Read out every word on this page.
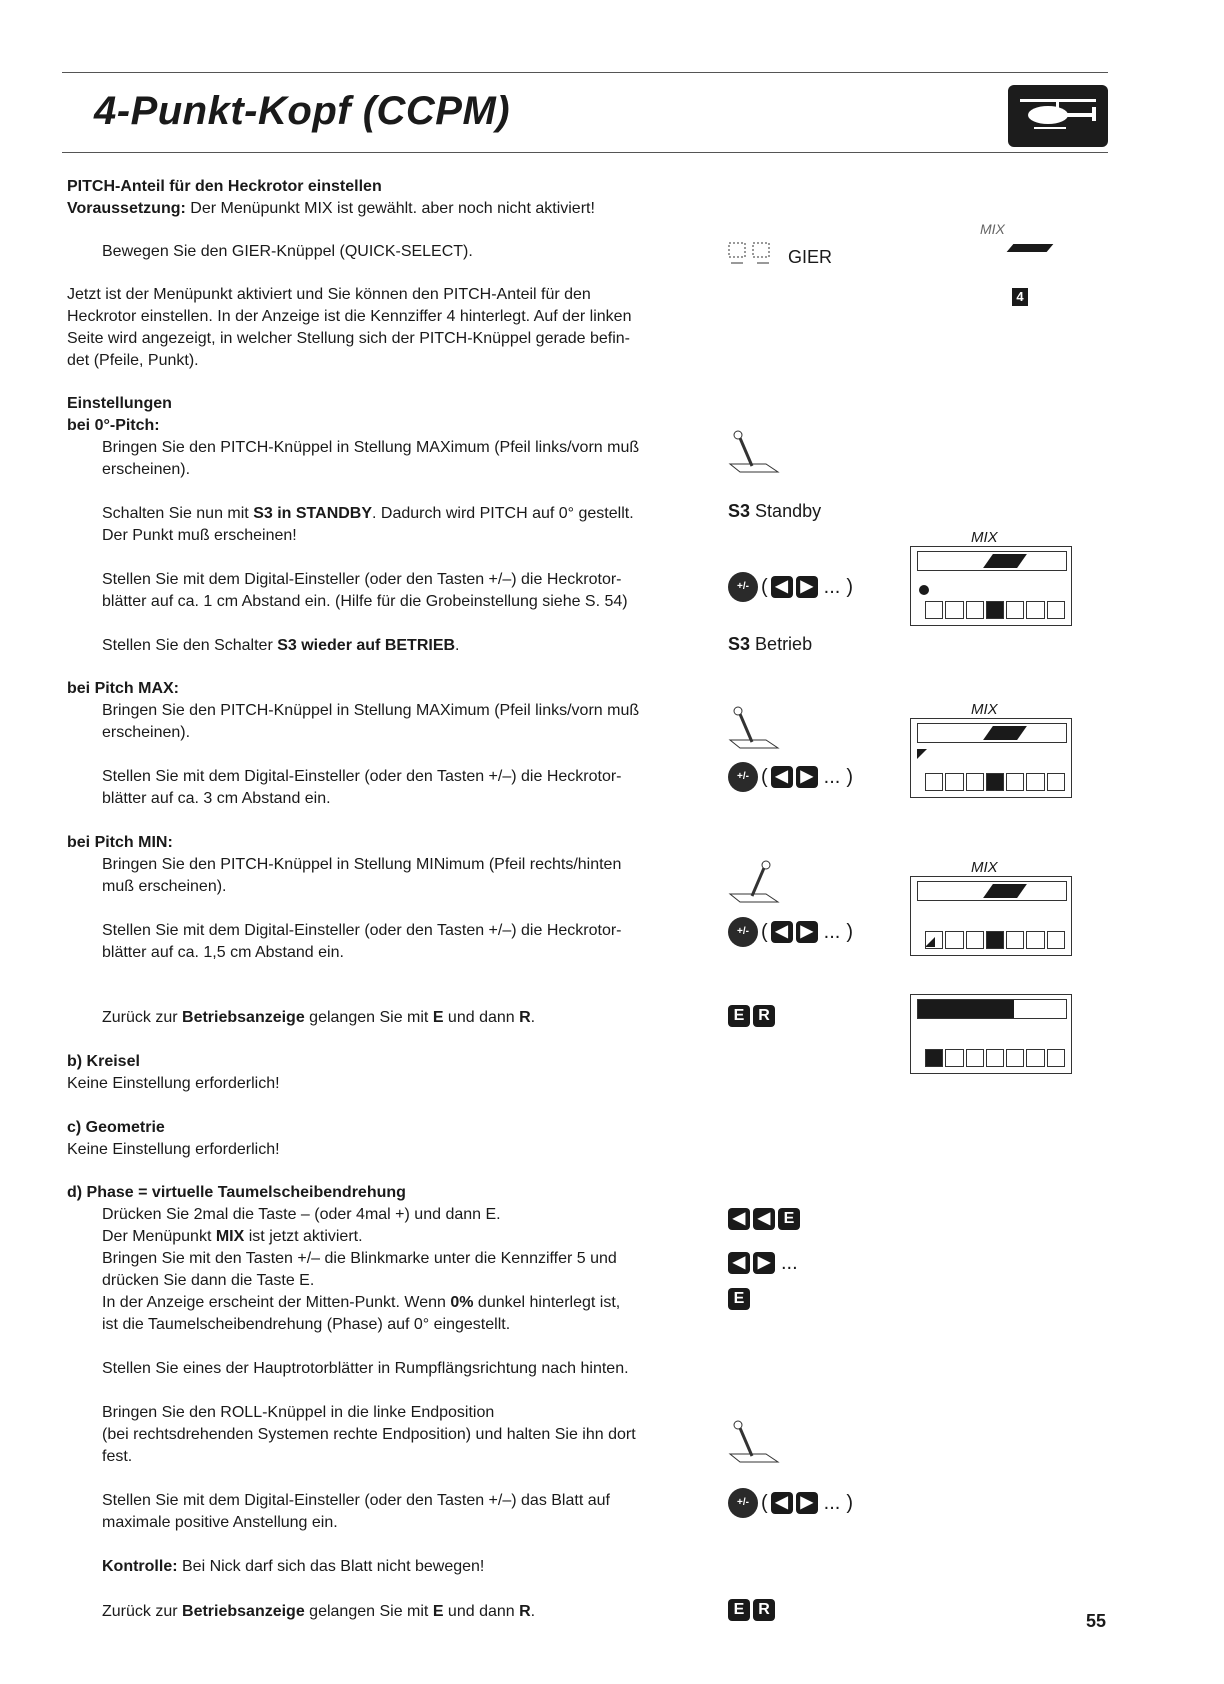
4-Punkt-Kopf (CCPM)
PITCH-Anteil für den Heckrotor einstellen
Voraussetzung: Der Menüpunkt MIX ist gewählt. aber noch nicht aktiviert!
Bewegen Sie den GIER-Knüppel (QUICK-SELECT).	GIER
MIX
4
Jetzt ist der Menüpunkt aktiviert und Sie können den PITCH-Anteil für den
Heckrotor einstellen. In der Anzeige ist die Kennziffer 4 hinterlegt. Auf der linken
Seite wird angezeigt, in welcher Stellung sich der PITCH-Knüppel gerade befin-
det (Pfeile, Punkt).
Einstellungen
bei 0°-Pitch:
Bringen Sie den PITCH-Knüppel in Stellung MAXimum (Pfeil links/vorn muß
erscheinen).
Schalten Sie nun mit S3 in STANDBY. Dadurch wird PITCH auf 0° gestellt.
Der Punkt muß erscheinen!
S3 Standby
Stellen Sie mit dem Digital-Einsteller (oder den Tasten +/–) die Heckrotor-
blätter auf ca. 1 cm Abstand ein. (Hilfe für die Grobeinstellung siehe S. 54)
+/- ( ◀ ▶ ... )
MIX
Stellen Sie den Schalter S3 wieder auf BETRIEB.	S3 Betrieb
bei Pitch MAX:
Bringen Sie den PITCH-Knüppel in Stellung MAXimum (Pfeil links/vorn muß
erscheinen).
Stellen Sie mit dem Digital-Einsteller (oder den Tasten +/–) die Heckrotor-
blätter auf ca. 3 cm Abstand ein.
+/- ( ◀ ▶ ... )
MIX
bei Pitch MIN:
Bringen Sie den PITCH-Knüppel in Stellung MINimum (Pfeil rechts/hinten
muß erscheinen).
Stellen Sie mit dem Digital-Einsteller (oder den Tasten +/–) die Heckrotor-
blätter auf ca. 1,5 cm Abstand ein.
+/- ( ◀ ▶ ... )
MIX
Zurück zur Betriebsanzeige gelangen Sie mit E und dann R.	E R
b) Kreisel
Keine Einstellung erforderlich!
c) Geometrie
Keine Einstellung erforderlich!
d) Phase = virtuelle Taumelscheibendrehung
Drücken Sie 2mal die Taste – (oder 4mal +) und dann E.
Der Menüpunkt MIX ist jetzt aktiviert.
Bringen Sie mit den Tasten +/– die Blinkmarke unter die Kennziffer 5 und
drücken Sie dann die Taste E.
In der Anzeige erscheint der Mitten-Punkt. Wenn 0% dunkel hinterlegt ist,
ist die Taumelscheibendrehung (Phase) auf 0° eingestellt.
◀ ◀ E
◀ ▶ ...
E
Stellen Sie eines der Hauptrotorblätter in Rumpflängsrichtung nach hinten.
Bringen Sie den ROLL-Knüppel in die linke Endposition
(bei rechtsdrehenden Systemen rechte Endposition) und halten Sie ihn dort
fest.
Stellen Sie mit dem Digital-Einsteller (oder den Tasten +/–) das Blatt auf
maximale positive Anstellung ein.
+/- ( ◀ ▶ ... )
Kontrolle: Bei Nick darf sich das Blatt nicht bewegen!
Zurück zur Betriebsanzeige gelangen Sie mit E und dann R.	E R
55
